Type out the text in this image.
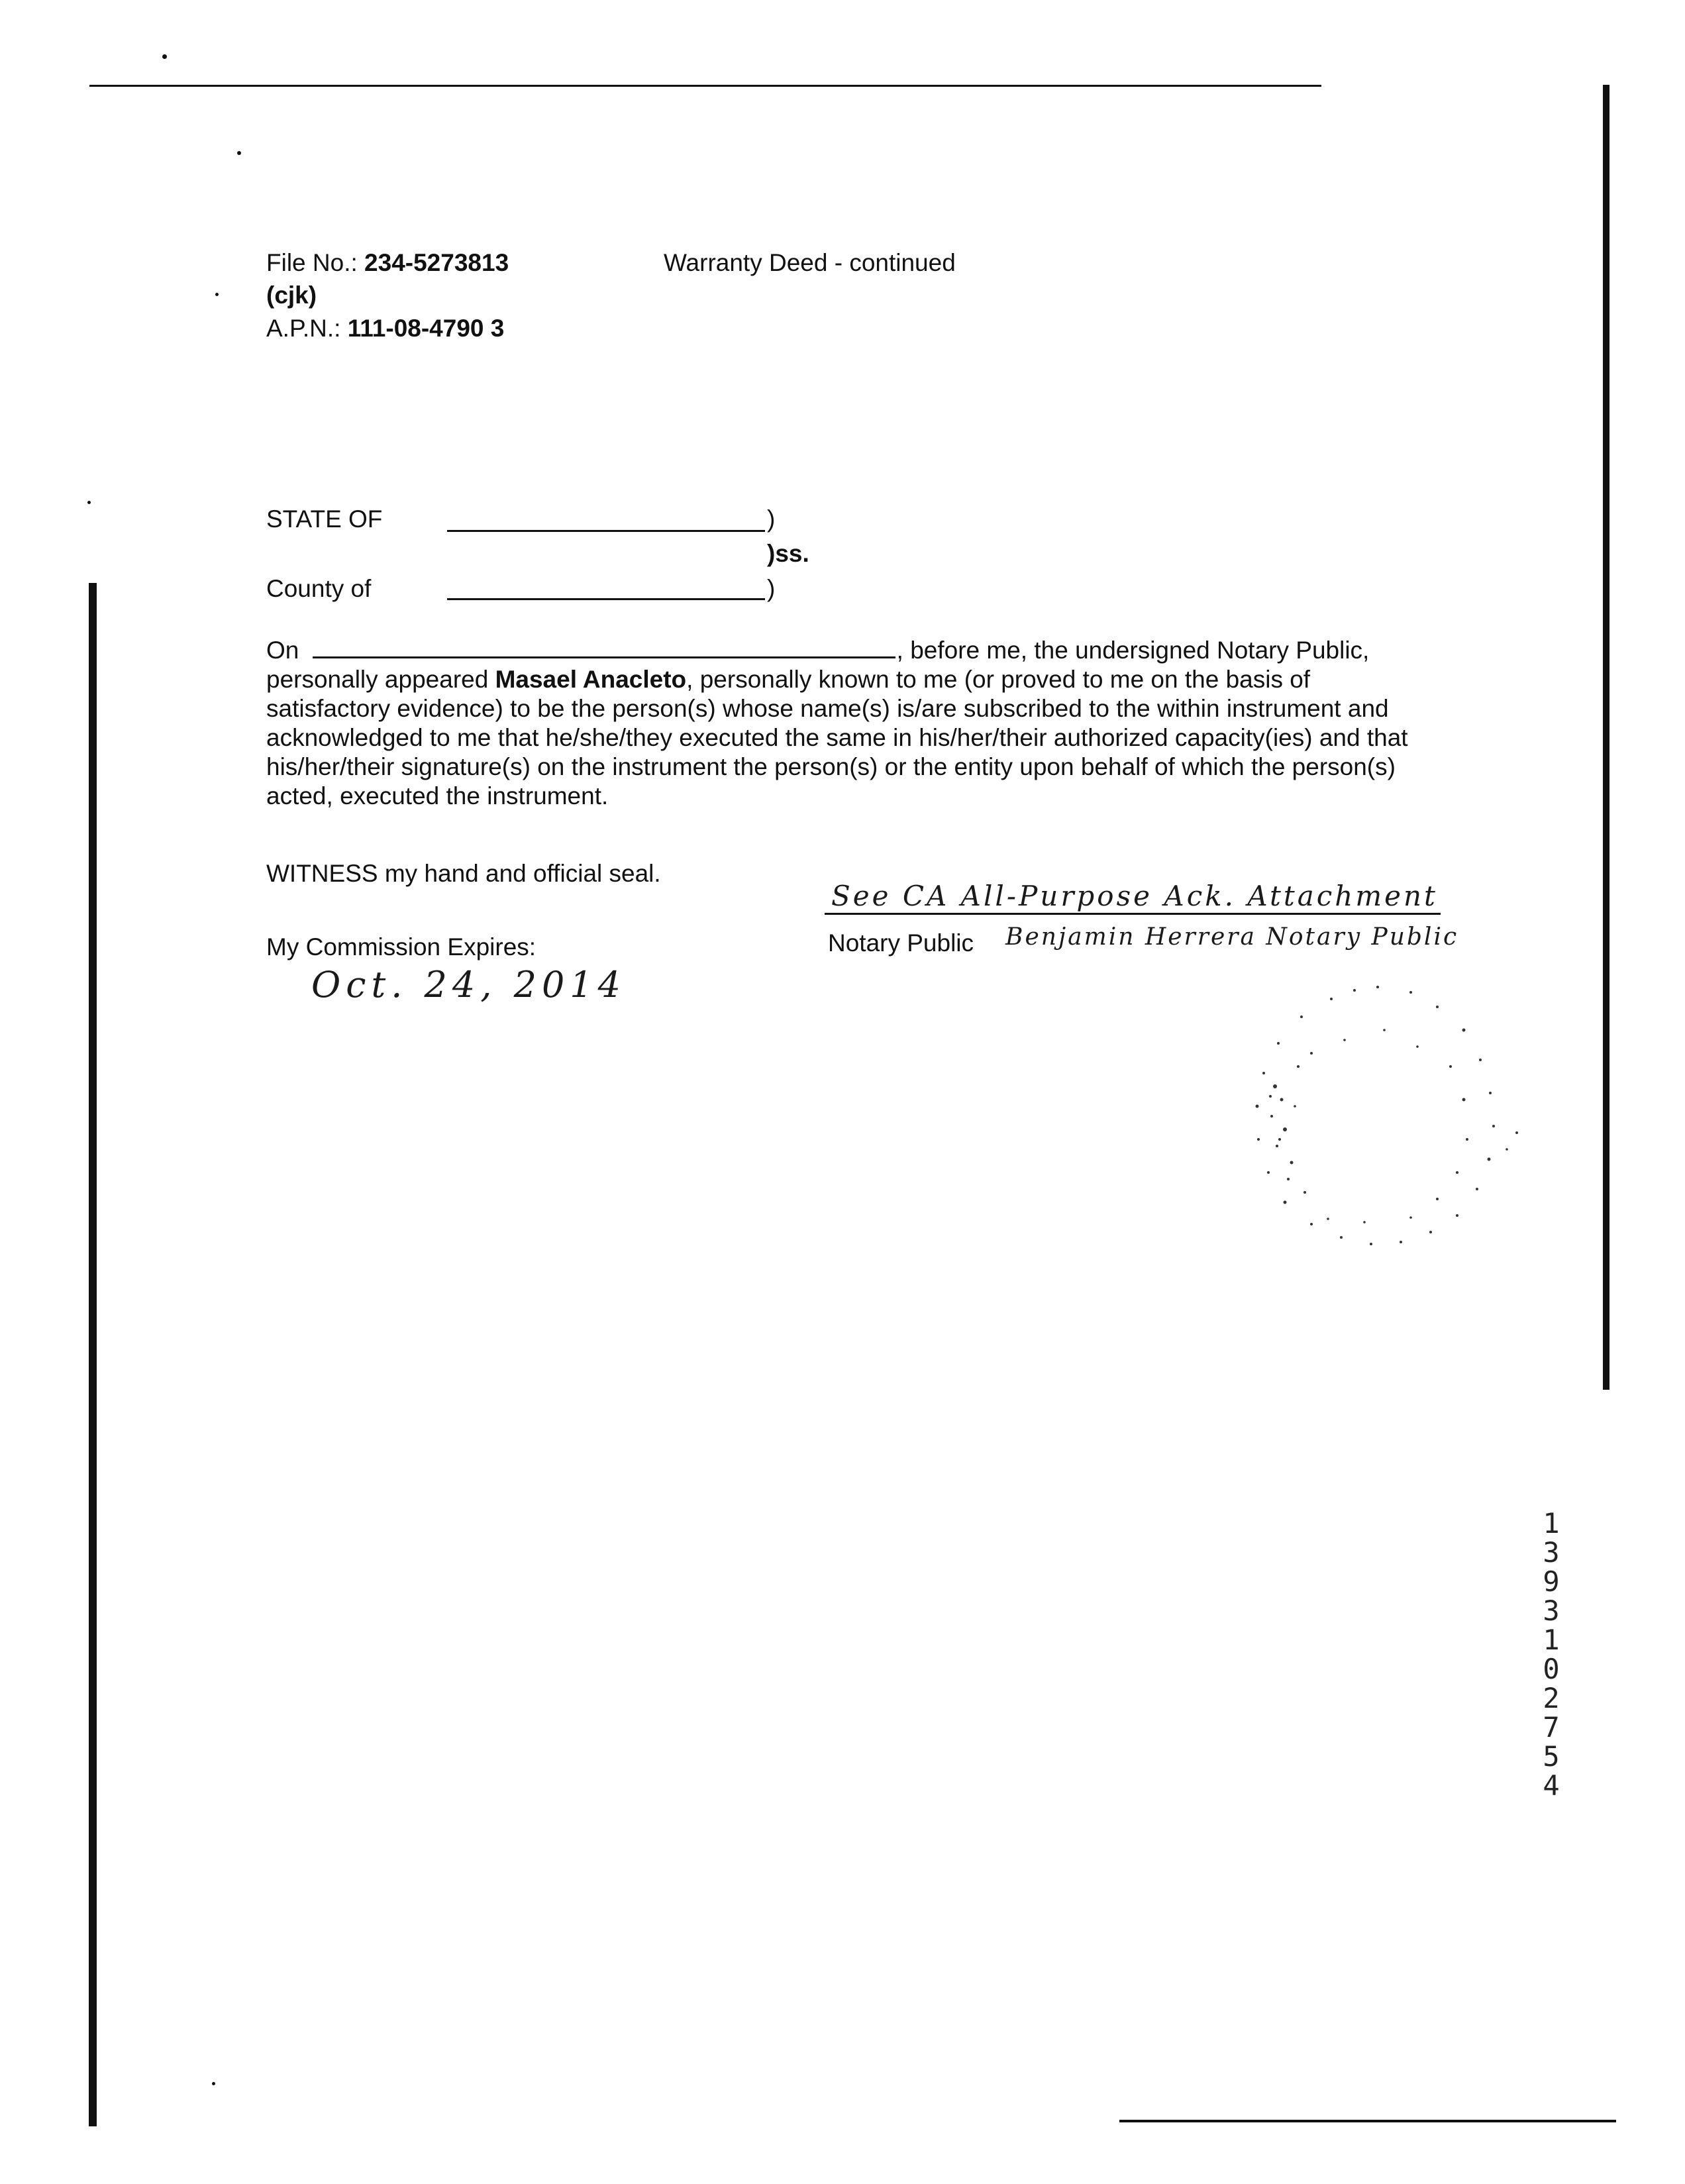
File No.: 234-5273813
(cjk)
A.P.N.: 111-08-4790 3
Warranty Deed - continued
STATE OF	)
)ss.
County of	)
On	, before me, the undersigned Notary Public,
personally appeared Masael Anacleto, personally known to me (or proved to me on the basis of satisfactory evidence) to be the person(s) whose name(s) is/are subscribed to the within instrument and acknowledged to me that he/she/they executed the same in his/her/their authorized capacity(ies) and that his/her/their signature(s) on the instrument the person(s) or the entity upon behalf of which the person(s) acted, executed the instrument.
WITNESS my hand and official seal.
My Commission Expires:
Oct. 24, 2014
See CA All-Purpose Ack. Attachment
Notary Public Benjamin Herrera Notary Public
1
3
9
3
1
0
2
7
5
4
